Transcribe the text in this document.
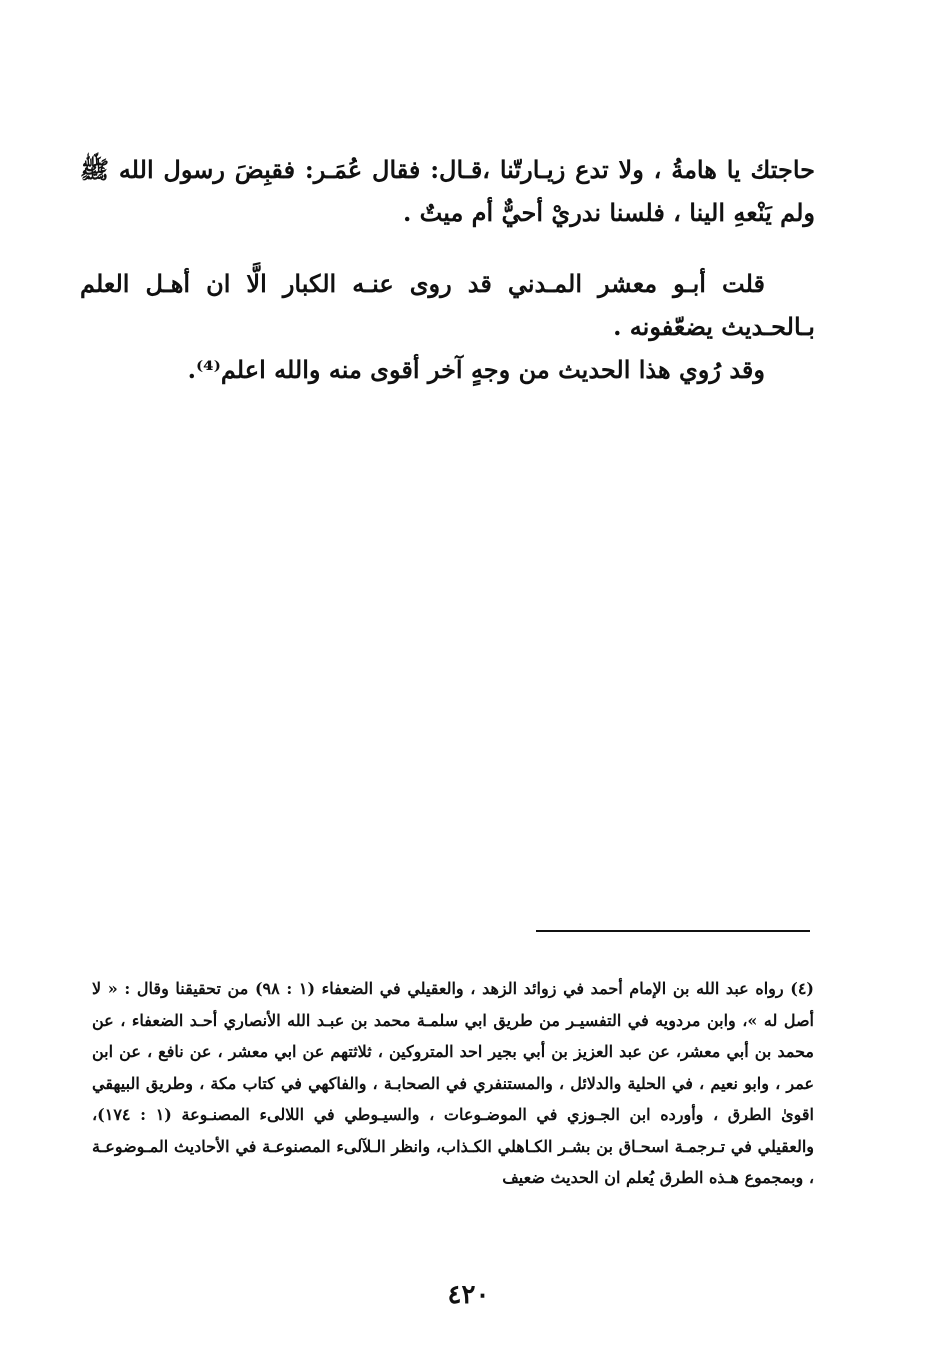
حاجتك يا هامةُ ، ولا تدع زيـارتّنا ،قـال: فقال عُمَـر: فقبِضَ رسول الله ﷺ ولم يَنْعهِ الينا ، فلسنا ندريْ أحيٌّ أم ميتٌ .

قلت أبـو معشر المـدني قد روى عنـه الكبار الَّا ان أهـل العلم بـالحـديث يضعّفونه .

وقد رُوي هذا الحديث من وجهٍ آخر أقوى منه والله اعلم⁽⁴⁾.

(٤) رواه عبد الله بن الإمام أحمد في زوائد الزهد ، والعقيلي في الضعفاء (١ : ٩٨) من تحقيقنا وقال : « لا أصل له »، وابن مردويه في التفسيـر من طريق ابي سلمـة محمد بن عبـد الله الأنصاري أحـد الضعفاء ، عن محمد بن أبي معشر، عن عبد العزيز بن أبي بجير احد المتروكين ، ثلاثتهم عن ابي معشر ، عن نافع ، عن ابن عمر ، وابو نعيم ، في الحلية والدلائل ، والمستنفري في الصحابـة ، والفاكهي في كتاب مكة ، وطريق البيهقي اقوىٰ الطرق ، وأورده ابن الجـوزي في الموضـوعات ، والسيـوطي في اللالىء المصنـوعة (١ : ١٧٤)، والعقيلي في تـرجمـة اسحـاق بن بشـر الكـاهلي الكـذاب، وانظر الـلآلىء المصنوعـة في الأحاديث المـوضوعـة ، وبمجموع هـذه الطرق يُعلم ان الحديث ضعيف

٤٢٠
